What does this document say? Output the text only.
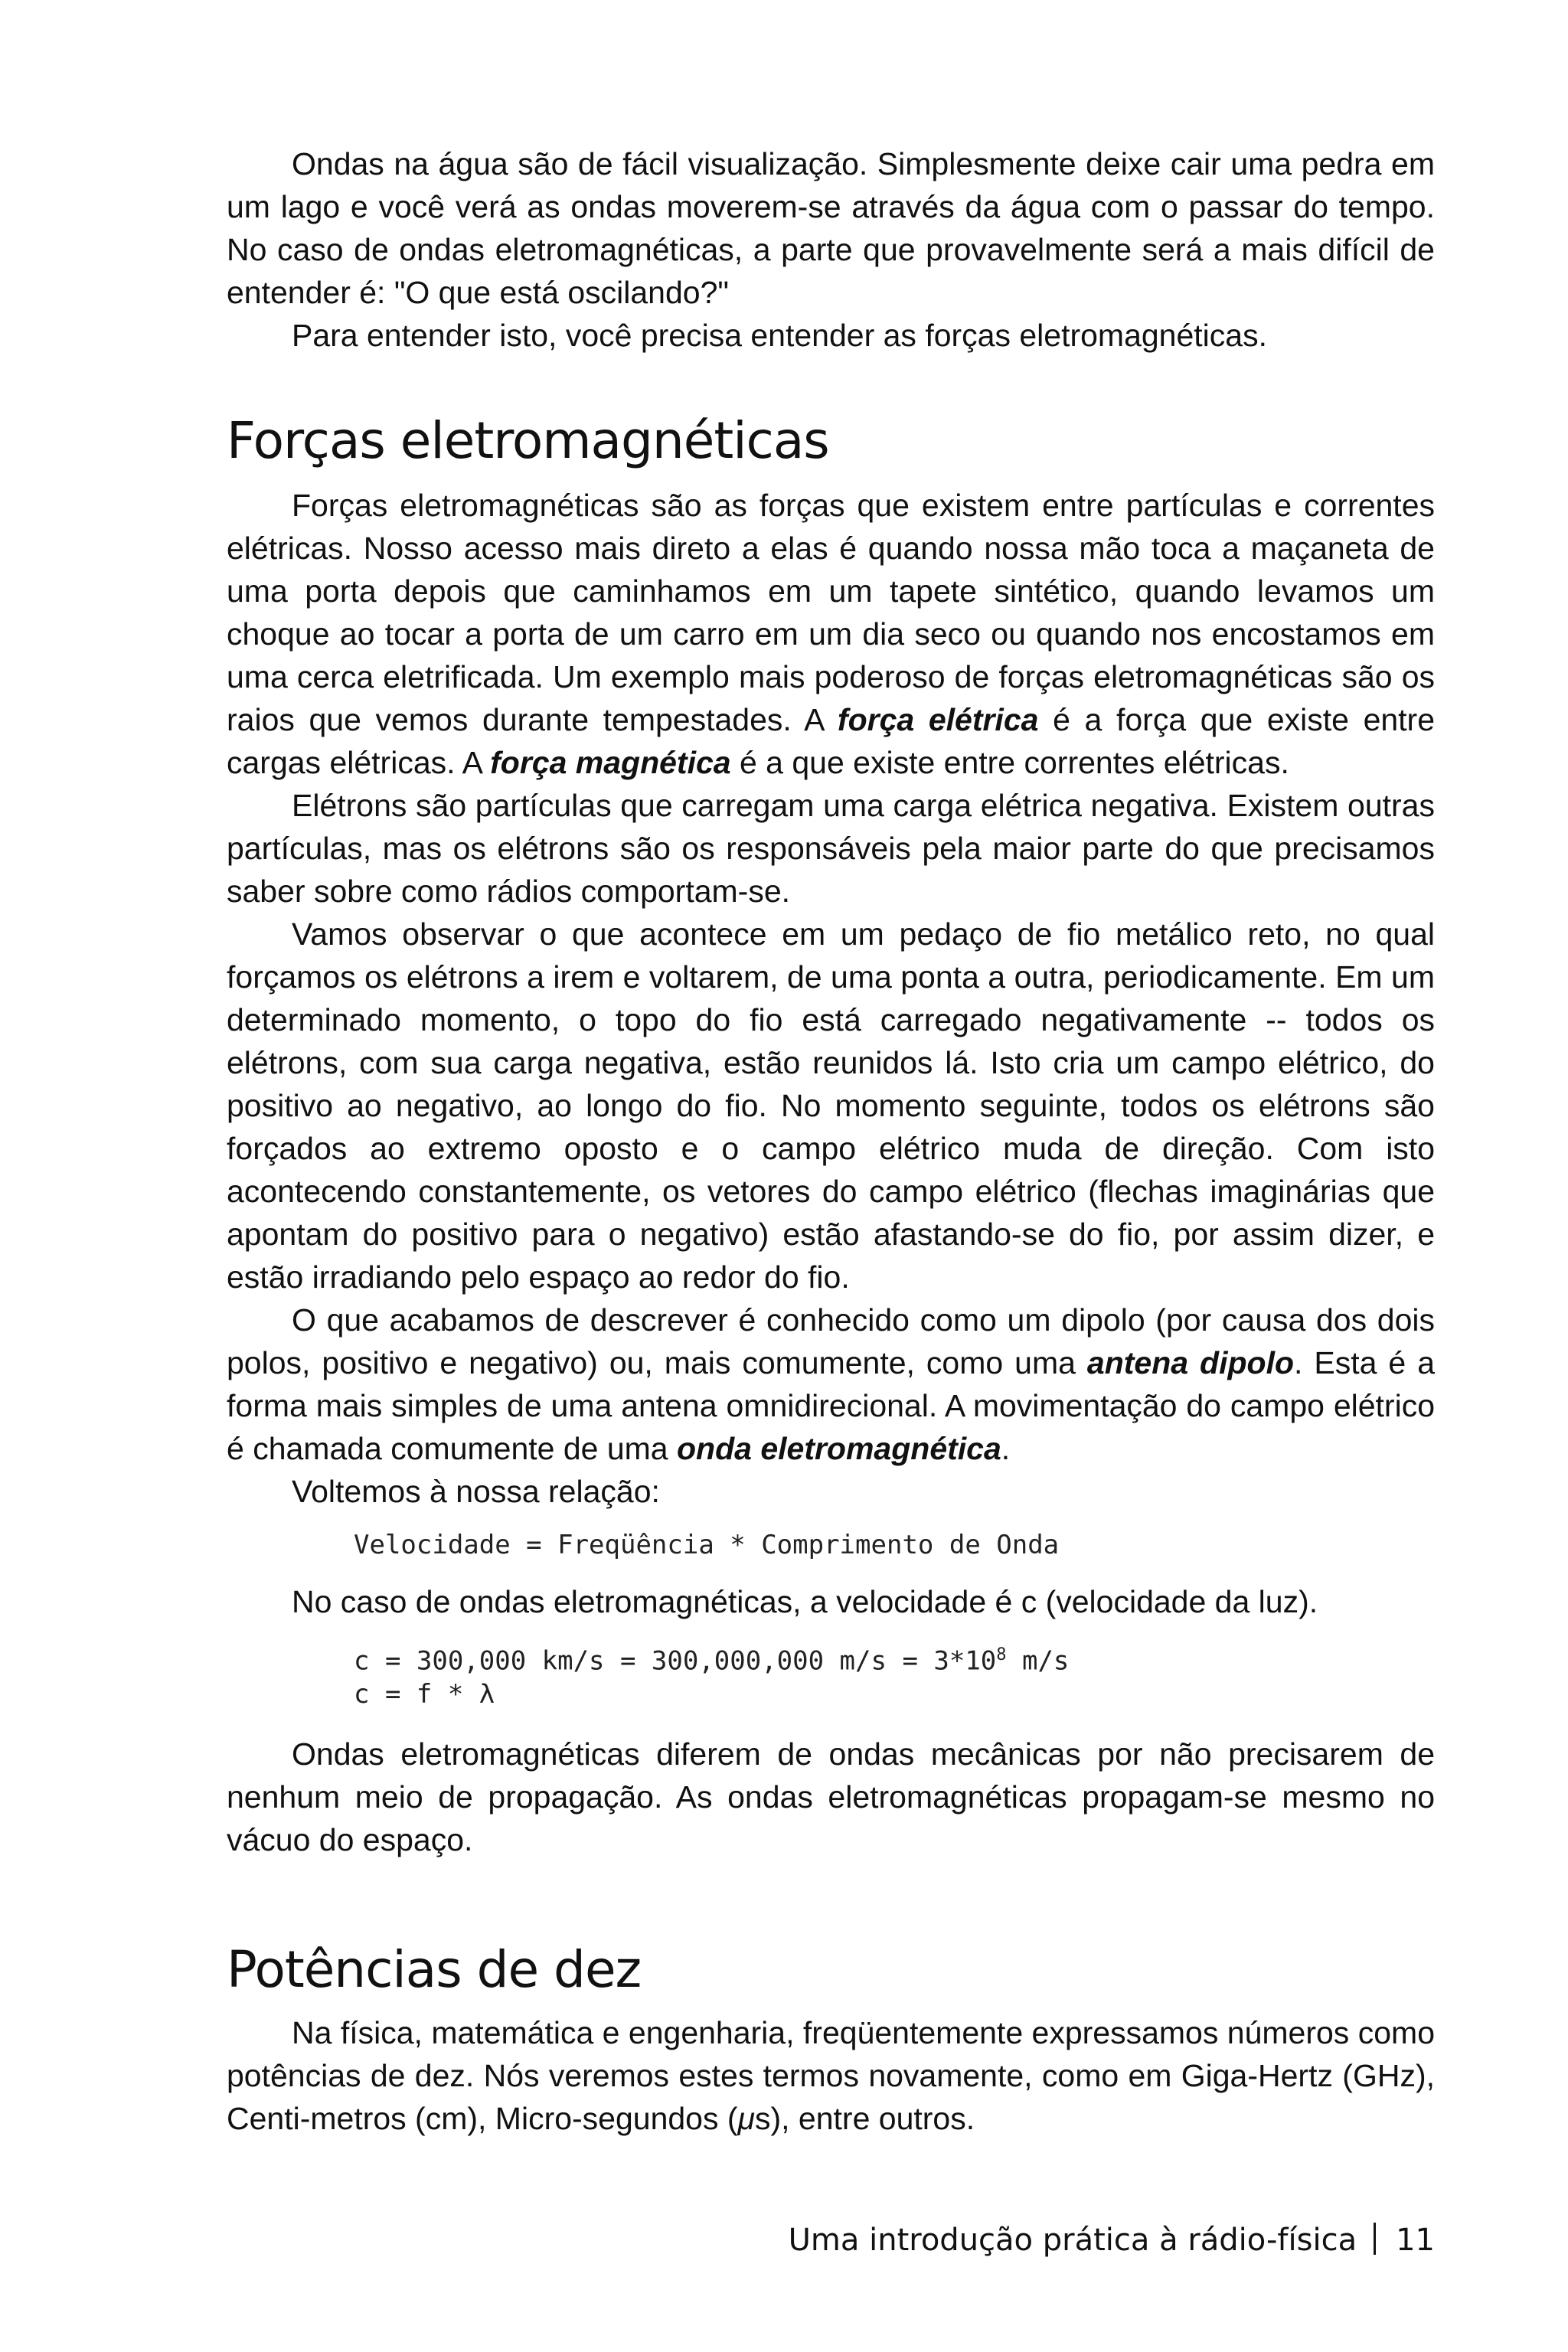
Ondas na água são de fácil visualização. Simplesmente deixe cair uma pedra em um lago e você verá as ondas moverem-se através da água com o passar do tempo. No caso de ondas eletromagnéticas, a parte que provavelmente será a mais difícil de entender é: "O que está oscilando?"

Para entender isto, você precisa entender as forças eletromagnéticas.

Forças eletromagnéticas

Forças eletromagnéticas são as forças que existem entre partículas e correntes elétricas. Nosso acesso mais direto a elas é quando nossa mão toca a maçaneta de uma porta depois que caminhamos em um tapete sintético, quando levamos um choque ao tocar a porta de um carro em um dia seco ou quando nos encostamos em uma cerca eletrificada. Um exemplo mais poderoso de forças eletromagnéticas são os raios que vemos durante tempestades. A força elétrica é a força que existe entre cargas elétricas. A força magnética é a que existe entre correntes elétricas.

Elétrons são partículas que carregam uma carga elétrica negativa. Existem outras partículas, mas os elétrons são os responsáveis pela maior parte do que precisamos saber sobre como rádios comportam-se.

Vamos observar o que acontece em um pedaço de fio metálico reto, no qual forçamos os elétrons a irem e voltarem, de uma ponta a outra, periodicamente. Em um determinado momento, o topo do fio está carregado negativamente -- todos os elétrons, com sua carga negativa, estão reunidos lá. Isto cria um campo elétrico, do positivo ao negativo, ao longo do fio. No momento seguinte, todos os elétrons são forçados ao extremo oposto e o campo elétrico muda de direção. Com isto acontecendo constantemente, os vetores do campo elétrico (flechas imaginárias que apontam do positivo para o negativo) estão afastando-se do fio, por assim dizer, e estão irradiando pelo espaço ao redor do fio.

O que acabamos de descrever é conhecido como um dipolo (por causa dos dois polos, positivo e negativo) ou, mais comumente, como uma antena dipolo. Esta é a forma mais simples de uma antena omnidirecional. A movimentação do campo elétrico é chamada comumente de uma onda eletromagnética.

Voltemos à nossa relação:

Velocidade = Freqüência * Comprimento de Onda

No caso de ondas eletromagnéticas, a velocidade é c (velocidade da luz).

c = 300,000 km/s = 300,000,000 $m/s = 3*10^8$ m/s
c = f * λ

Ondas eletromagnéticas diferem de ondas mecânicas por não precisarem de nenhum meio de propagação. As ondas eletromagnéticas propagam-se mesmo no vácuo do espaço.

Potências de dez

Na física, matemática e engenharia, freqüentemente expressamos números como potências de dez. Nós veremos estes termos novamente, como em Giga-Hertz (GHz), Centi-metros (cm), Micro-segundos (μs), entre outros.

Uma introdução prática à rádio-física 11
